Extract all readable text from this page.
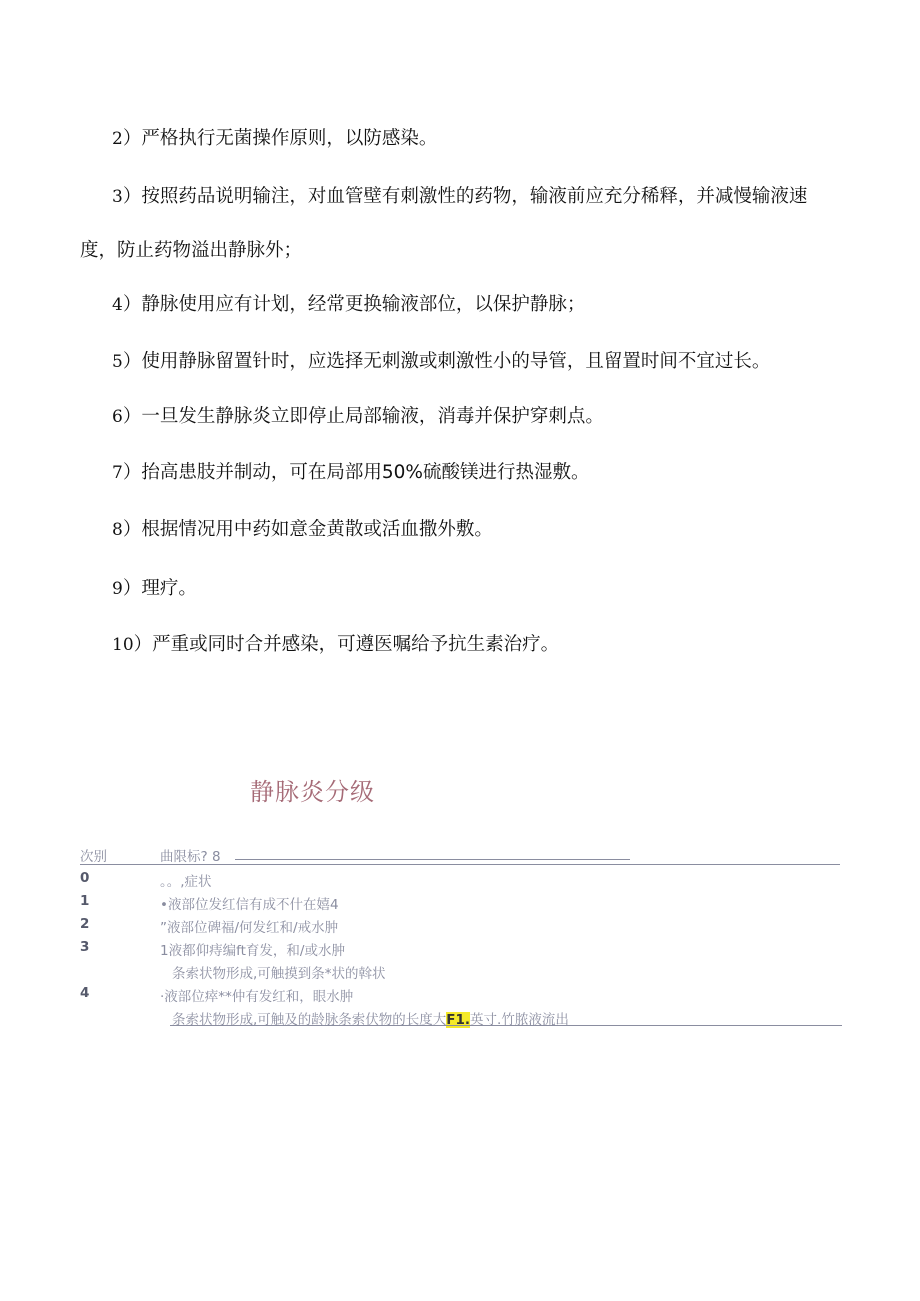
2）严格执行无菌操作原则，以防感染。

3）按照药品说明输注，对血管壁有刺激性的药物，输液前应充分稀释，并减慢输液速度，防止药物溢出静脉外；

4）静脉使用应有计划，经常更换输液部位，以保护静脉；

5）使用静脉留置针时，应选择无刺激或刺激性小的导管，且留置时间不宜过长。

6）一旦发生静脉炎立即停止局部输液，消毒并保护穿刺点。

7）抬高患肢并制动，可在局部用50%硫酸镁进行热湿敷。

8）根据情况用中药如意金黄散或活血撒外敷。

9）理疗。

10）严重或同时合并感染，可遵医嘱给予抗生素治疗。

静脉炎分级
次别	曲限标? 8
0	。。,症状
1	•液部位发红信有成不什在嬉4
2	”液部位碑福/何发红和/戒水肿
3	1液都仰痔编ft育发，和/或水肿
条索状物形成,可触摸到条*状的斡状
4	·液部位瘁**仲有发红和，眼水肿
条索状物形成,可触及的龄脉条索伏物的长度大F1.英寸.竹脓液流出
